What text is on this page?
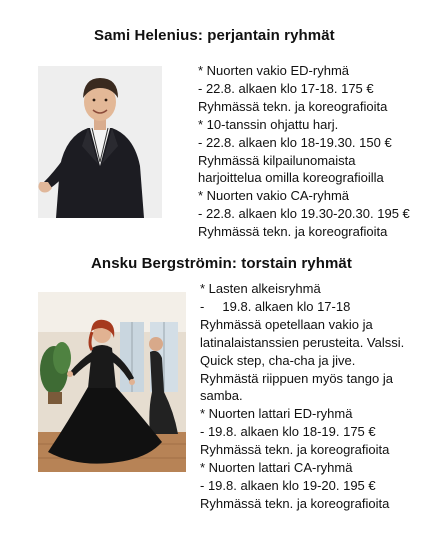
Sami Helenius: perjantain ryhmät
* Nuorten vakio ED-ryhmä
- 22.8. alkaen klo 17-18. 175 €
Ryhmässä tekn. ja koreografioita
* 10-tanssin ohjattu harj.
- 22.8. alkaen klo 18-19.30. 150 €
Ryhmässä kilpailunomaista
harjoittelua omilla koreografioilla
* Nuorten vakio CA-ryhmä
- 22.8. alkaen klo 19.30-20.30. 195 €
Ryhmässä tekn. ja koreografioita
Ansku Bergströmin: torstain ryhmät
* Lasten alkeisryhmä
-     19.8. alkaen klo 17-18
Ryhmässä opetellaan vakio ja
latinalaistanssien perusteita. Valssi.
Quick step, cha-cha ja jive.
Ryhmästä riippuen myös tango ja
samba.
* Nuorten lattari ED-ryhmä
- 19.8. alkaen klo 18-19. 175 €
Ryhmässä tekn. ja koreografioita
* Nuorten lattari CA-ryhmä
- 19.8. alkaen klo 19-20. 195 €
Ryhmässä tekn. ja koreografioita
